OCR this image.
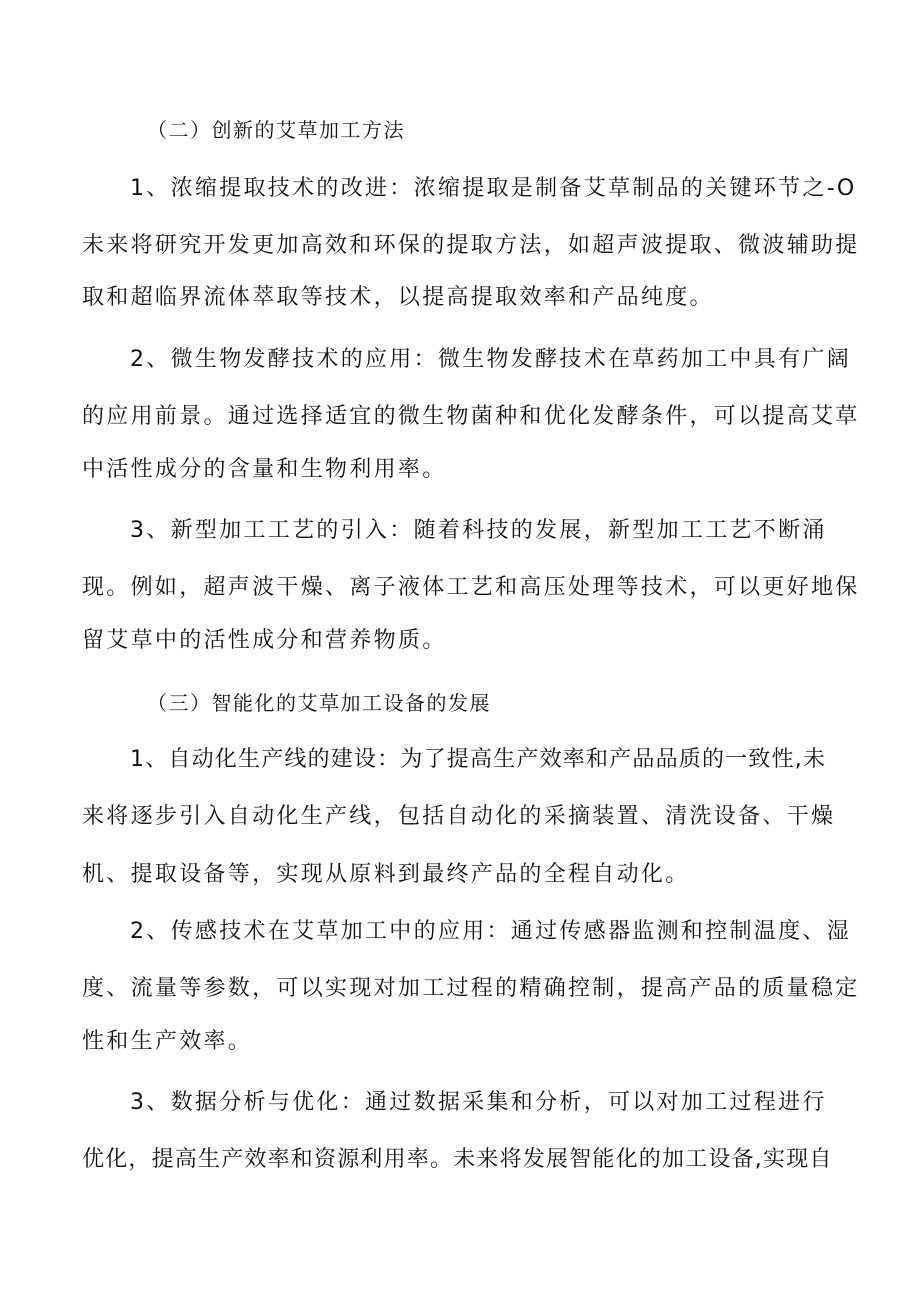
（二）创新的艾草加工方法
1、浓缩提取技术的改进：浓缩提取是制备艾草制品的关键环节之-O
未来将研究开发更加高效和环保的提取方法，如超声波提取、微波辅助提
取和超临界流体萃取等技术，以提高提取效率和产品纯度。
2、微生物发酵技术的应用：微生物发酵技术在草药加工中具有广阔
的应用前景。通过选择适宜的微生物菌种和优化发酵条件，可以提高艾草
中活性成分的含量和生物利用率。
3、新型加工工艺的引入：随着科技的发展，新型加工工艺不断涌
现。例如，超声波干燥、离子液体工艺和高压处理等技术，可以更好地保
留艾草中的活性成分和营养物质。
（三）智能化的艾草加工设备的发展
1、自动化生产线的建设：为了提高生产效率和产品品质的一致性,未
来将逐步引入自动化生产线，包括自动化的采摘装置、清洗设备、干燥
机、提取设备等，实现从原料到最终产品的全程自动化。
2、传感技术在艾草加工中的应用：通过传感器监测和控制温度、湿
度、流量等参数，可以实现对加工过程的精确控制，提高产品的质量稳定
性和生产效率。
3、数据分析与优化：通过数据采集和分析，可以对加工过程进行
优化，提高生产效率和资源利用率。未来将发展智能化的加工设备,实现自
